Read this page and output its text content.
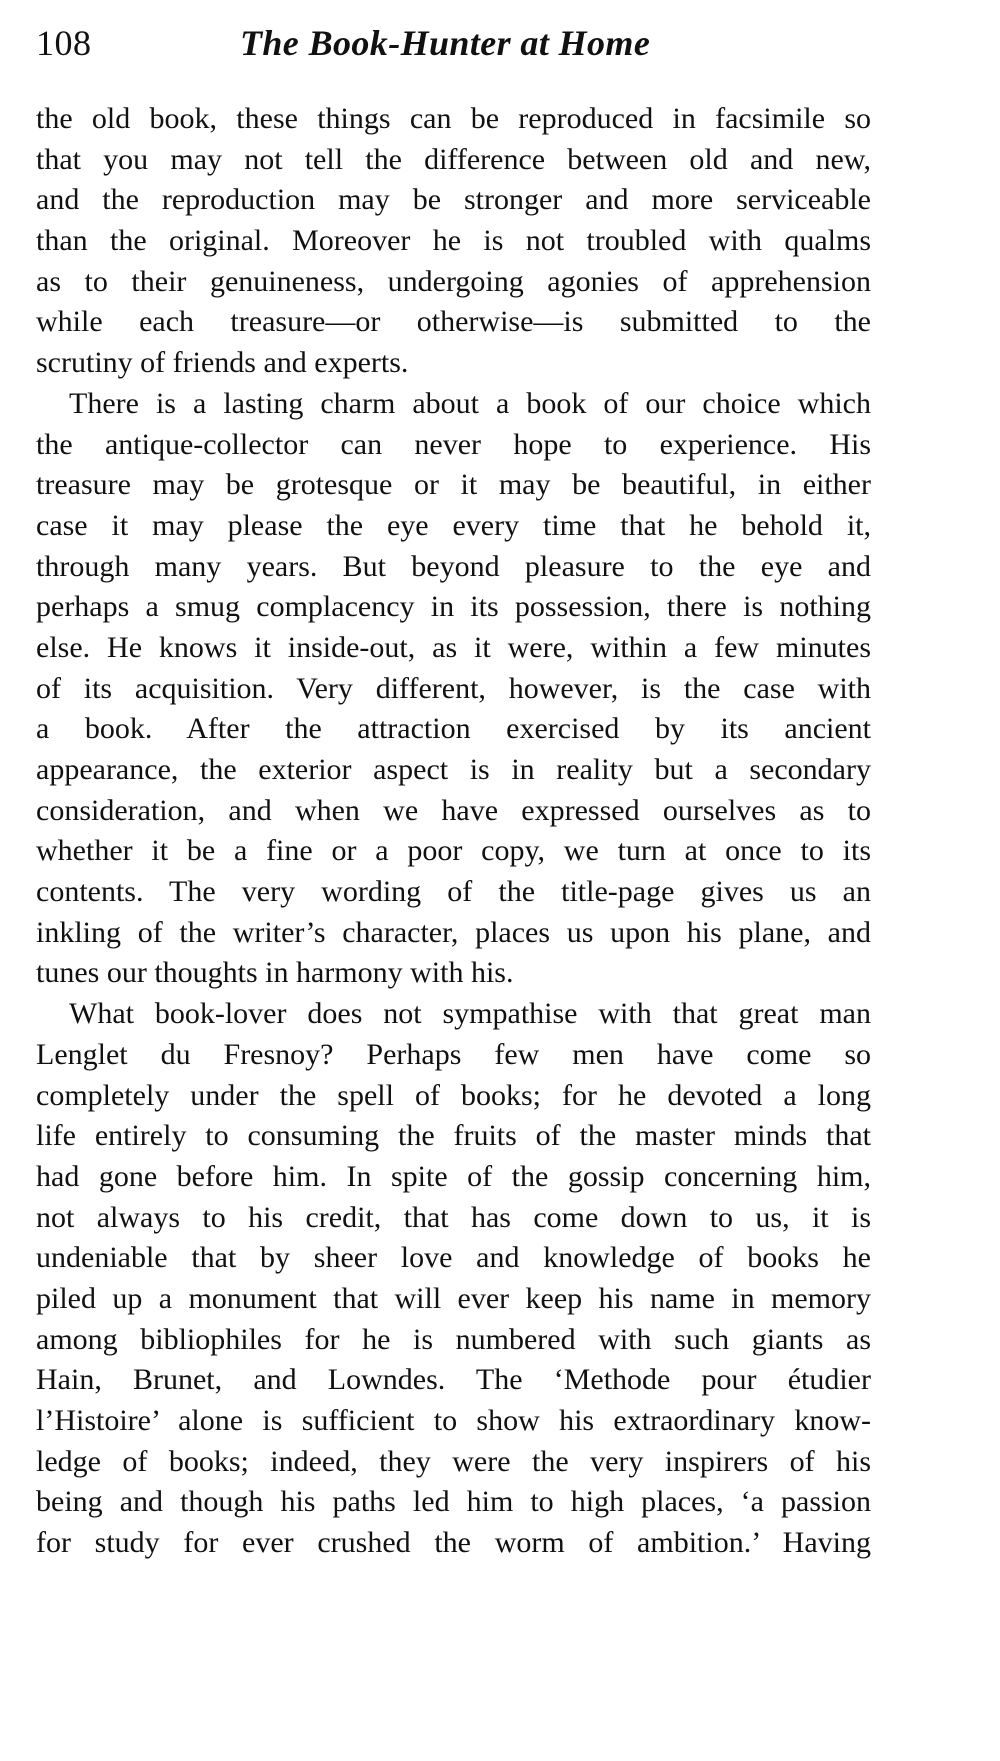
108	The Book-Hunter at Home
the old book, these things can be reproduced in facsimile so
that you may not tell the difference between old and new,
and the reproduction may be stronger and more serviceable
than the original. Moreover he is not troubled with qualms
as to their genuineness, undergoing agonies of apprehension
while each treasure—or otherwise—is submitted to the
scrutiny of friends and experts.
There is a lasting charm about a book of our choice which
the antique-collector can never hope to experience. His
treasure may be grotesque or it may be beautiful, in either
case it may please the eye every time that he behold it,
through many years. But beyond pleasure to the eye and
perhaps a smug complacency in its possession, there is nothing
else. He knows it inside-out, as it were, within a few minutes
of its acquisition. Very different, however, is the case with
a book. After the attraction exercised by its ancient
appearance, the exterior aspect is in reality but a secondary
consideration, and when we have expressed ourselves as to
whether it be a fine or a poor copy, we turn at once to its
contents. The very wording of the title-page gives us an
inkling of the writer’s character, places us upon his plane, and
tunes our thoughts in harmony with his.
What book-lover does not sympathise with that great man
Lenglet du Fresnoy? Perhaps few men have come so
completely under the spell of books; for he devoted a long
life entirely to consuming the fruits of the master minds that
had gone before him. In spite of the gossip concerning him,
not always to his credit, that has come down to us, it is
undeniable that by sheer love and knowledge of books he
piled up a monument that will ever keep his name in memory
among bibliophiles for he is numbered with such giants as
Hain, Brunet, and Lowndes. The ‘Methode pour étudier
l’Histoire’ alone is sufficient to show his extraordinary know-
ledge of books; indeed, they were the very inspirers of his
being and though his paths led him to high places, ‘a passion
for study for ever crushed the worm of ambition.’ Having
